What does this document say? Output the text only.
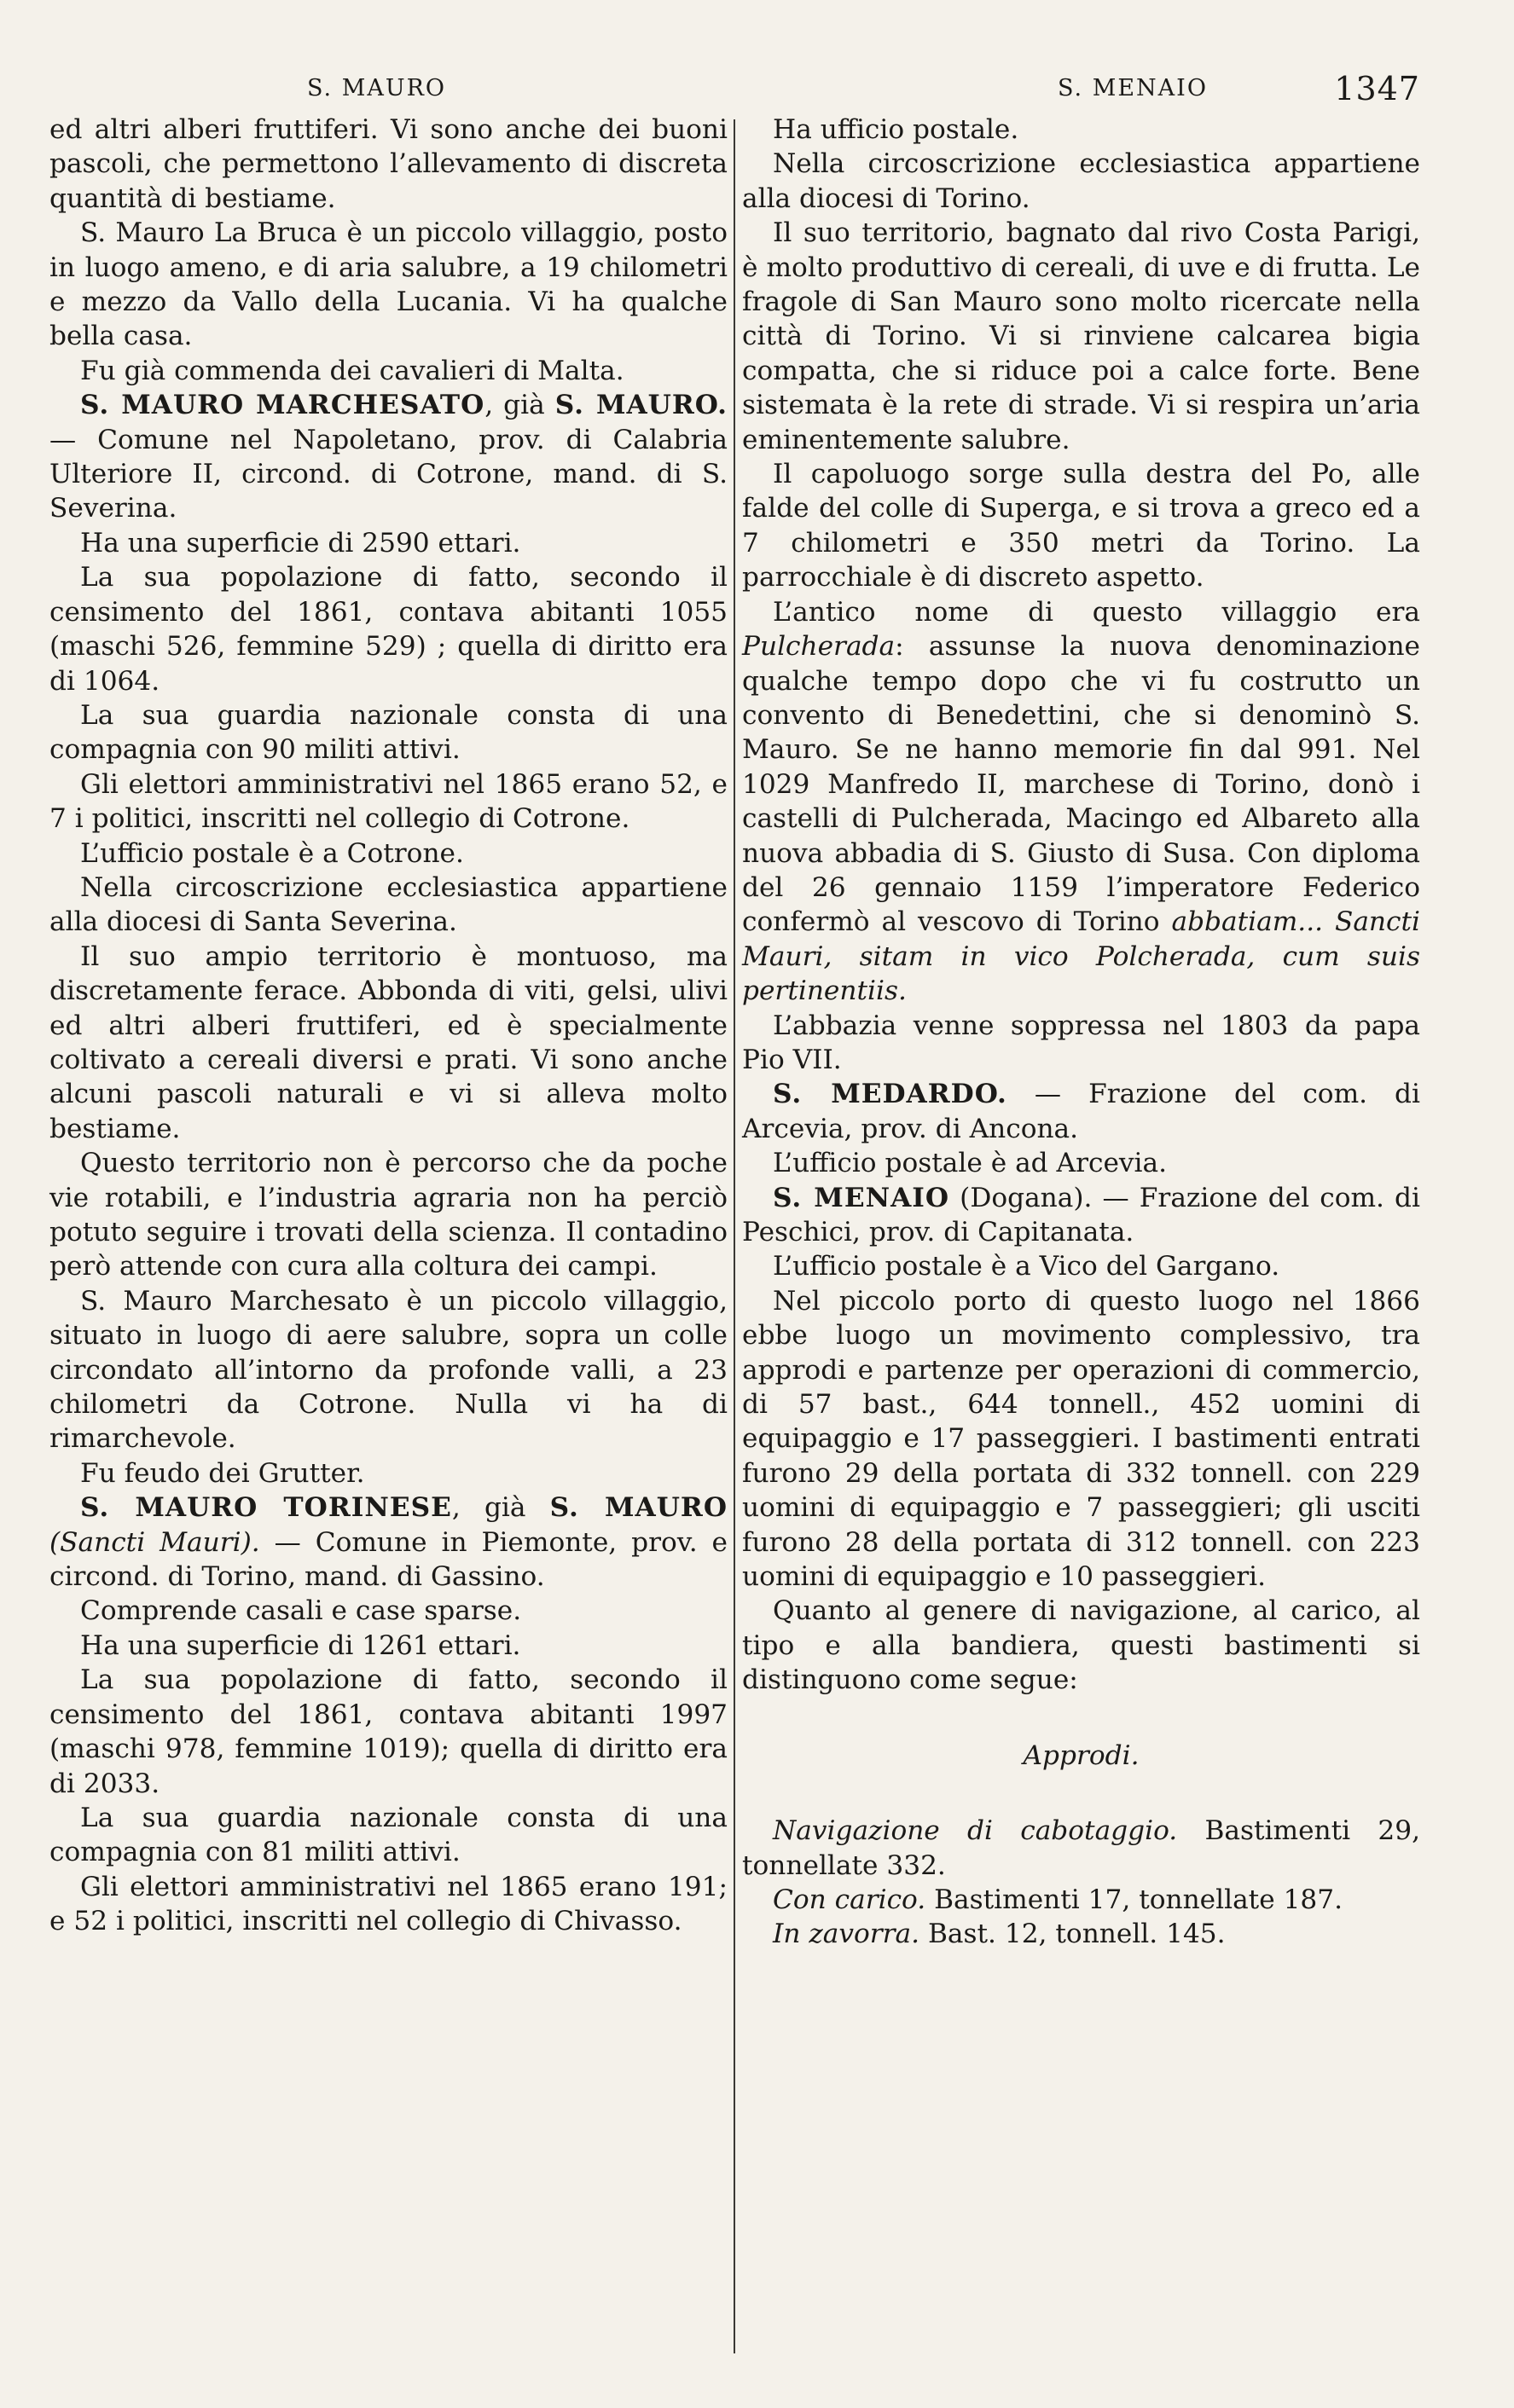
S. MAURO	S. MENAIO	1347

ed altri alberi fruttiferi. Vi sono anche dei buoni pascoli, che permettono l’allevamento di discreta quantità di bestiame.

S. Mauro La Bruca è un piccolo villaggio, posto in luogo ameno, e di aria salubre, a 19 chilometri e mezzo da Vallo della Lucania. Vi ha qualche bella casa.

Fu già commenda dei cavalieri di Malta.

S. MAURO MARCHESATO, già S. MAURO. — Comune nel Napoletano, prov. di Calabria Ulteriore II, circond. di Cotrone, mand. di S. Severina.

Ha una superficie di 2590 ettari.

La sua popolazione di fatto, secondo il censimento del 1861, contava abitanti 1055 (maschi 526, femmine 529) ; quella di diritto era di 1064.

La sua guardia nazionale consta di una compagnia con 90 militi attivi.

Gli elettori amministrativi nel 1865 erano 52, e 7 i politici, inscritti nel collegio di Cotrone.

L’ufficio postale è a Cotrone.

Nella circoscrizione ecclesiastica appartiene alla diocesi di Santa Severina.

Il suo ampio territorio è montuoso, ma discretamente ferace. Abbonda di viti, gelsi, ulivi ed altri alberi fruttiferi, ed è specialmente coltivato a cereali diversi e prati. Vi sono anche alcuni pascoli naturali e vi si alleva molto bestiame.

Questo territorio non è percorso che da poche vie rotabili, e l’industria agraria non ha perciò potuto seguire i trovati della scienza. Il contadino però attende con cura alla coltura dei campi.

S. Mauro Marchesato è un piccolo villaggio, situato in luogo di aere salubre, sopra un colle circondato all’intorno da profonde valli, a 23 chilometri da Cotrone. Nulla vi ha di rimarchevole.

Fu feudo dei Grutter.

S. MAURO TORINESE, già S. MAURO (Sancti Mauri). — Comune in Piemonte, prov. e circond. di Torino, mand. di Gassino.

Comprende casali e case sparse.

Ha una superficie di 1261 ettari.

La sua popolazione di fatto, secondo il censimento del 1861, contava abitanti 1997 (maschi 978, femmine 1019); quella di diritto era di 2033.

La sua guardia nazionale consta di una compagnia con 81 militi attivi.

Gli elettori amministrativi nel 1865 erano 191; e 52 i politici, inscritti nel collegio di Chivasso.

Ha ufficio postale.

Nella circoscrizione ecclesiastica appartiene alla diocesi di Torino.

Il suo territorio, bagnato dal rivo Costa Parigi, è molto produttivo di cereali, di uve e di frutta. Le fragole di San Mauro sono molto ricercate nella città di Torino. Vi si rinviene calcarea bigia compatta, che si riduce poi a calce forte. Bene sistemata è la rete di strade. Vi si respira un’aria eminentemente salubre.

Il capoluogo sorge sulla destra del Po, alle falde del colle di Superga, e si trova a greco ed a 7 chilometri e 350 metri da Torino. La parrocchiale è di discreto aspetto.

L’antico nome di questo villaggio era Pulcherada: assunse la nuova denominazione qualche tempo dopo che vi fu costrutto un convento di Benedettini, che si denominò S. Mauro. Se ne hanno memorie fin dal 991. Nel 1029 Manfredo II, marchese di Torino, donò i castelli di Pulcherada, Macingo ed Albareto alla nuova abbadia di S. Giusto di Susa. Con diploma del 26 gennaio 1159 l’imperatore Federico confermò al vescovo di Torino abbatiam... Sancti Mauri, sitam in vico Polcherada, cum suis pertinentiis.

L’abbazia venne soppressa nel 1803 da papa Pio VII.

S. MEDARDO. — Frazione del com. di Arcevia, prov. di Ancona.

L’ufficio postale è ad Arcevia.

S. MENAIO (Dogana). — Frazione del com. di Peschici, prov. di Capitanata.

L’ufficio postale è a Vico del Gargano.

Nel piccolo porto di questo luogo nel 1866 ebbe luogo un movimento complessivo, tra approdi e partenze per operazioni di commercio, di 57 bast., 644 tonnell., 452 uomini di equipaggio e 17 passeggieri. I bastimenti entrati furono 29 della portata di 332 tonnell. con 229 uomini di equipaggio e 7 passeggieri; gli usciti furono 28 della portata di 312 tonnell. con 223 uomini di equipaggio e 10 passeggieri.

Quanto al genere di navigazione, al carico, al tipo e alla bandiera, questi bastimenti si distinguono come segue:

Approdi.

Navigazione di cabotaggio. Bastimenti 29, tonnellate 332.

Con carico. Bastimenti 17, tonnellate 187.

In zavorra. Bast. 12, tonnell. 145.
